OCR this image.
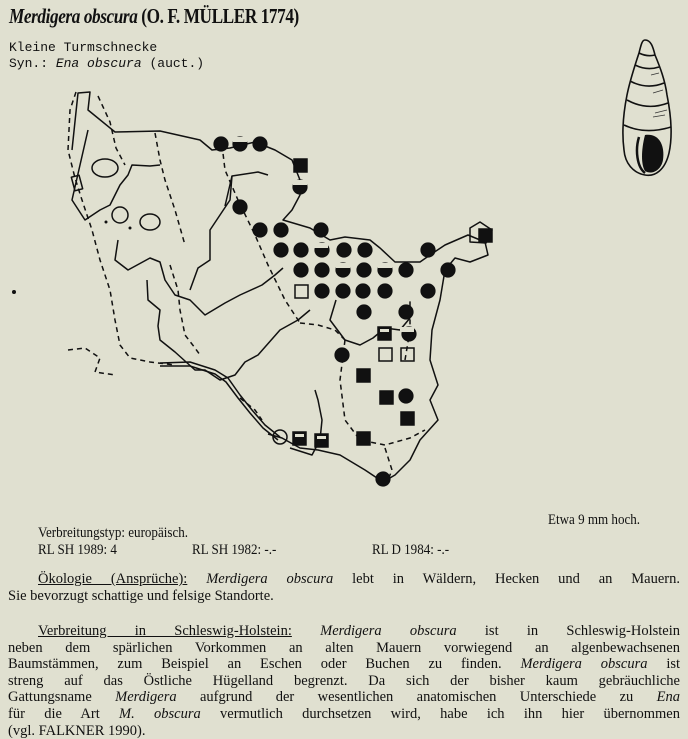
Merdigera obscura (O. F. MÜLLER 1774)
Kleine Turmschnecke
Syn.: Ena obscura (auct.)
Etwa 9 mm hoch.
Verbreitungstyp: europäisch.
RL SH 1989: 4	RL SH 1982: -.-	RL D 1984: -.-
Ökologie (Ansprüche): Merdigera obscura lebt in Wäldern, Hecken und an Mauern.
Sie bevorzugt schattige und felsige Standorte.
Verbreitung in Schleswig-Holstein: Merdigera obscura ist in Schleswig-Holstein
neben dem spärlichen Vorkommen an alten Mauern vorwiegend an algenbewachsenen
Baumstämmen, zum Beispiel an Eschen oder Buchen zu finden. Merdigera obscura ist
streng auf das Östliche Hügelland begrenzt. Da sich der bisher kaum gebräuchliche
Gattungsname Merdigera aufgrund der wesentlichen anatomischen Unterschiede zu Ena
für die Art M. obscura vermutlich durchsetzen wird, habe ich ihn hier übernommen
(vgl. FALKNER 1990).
